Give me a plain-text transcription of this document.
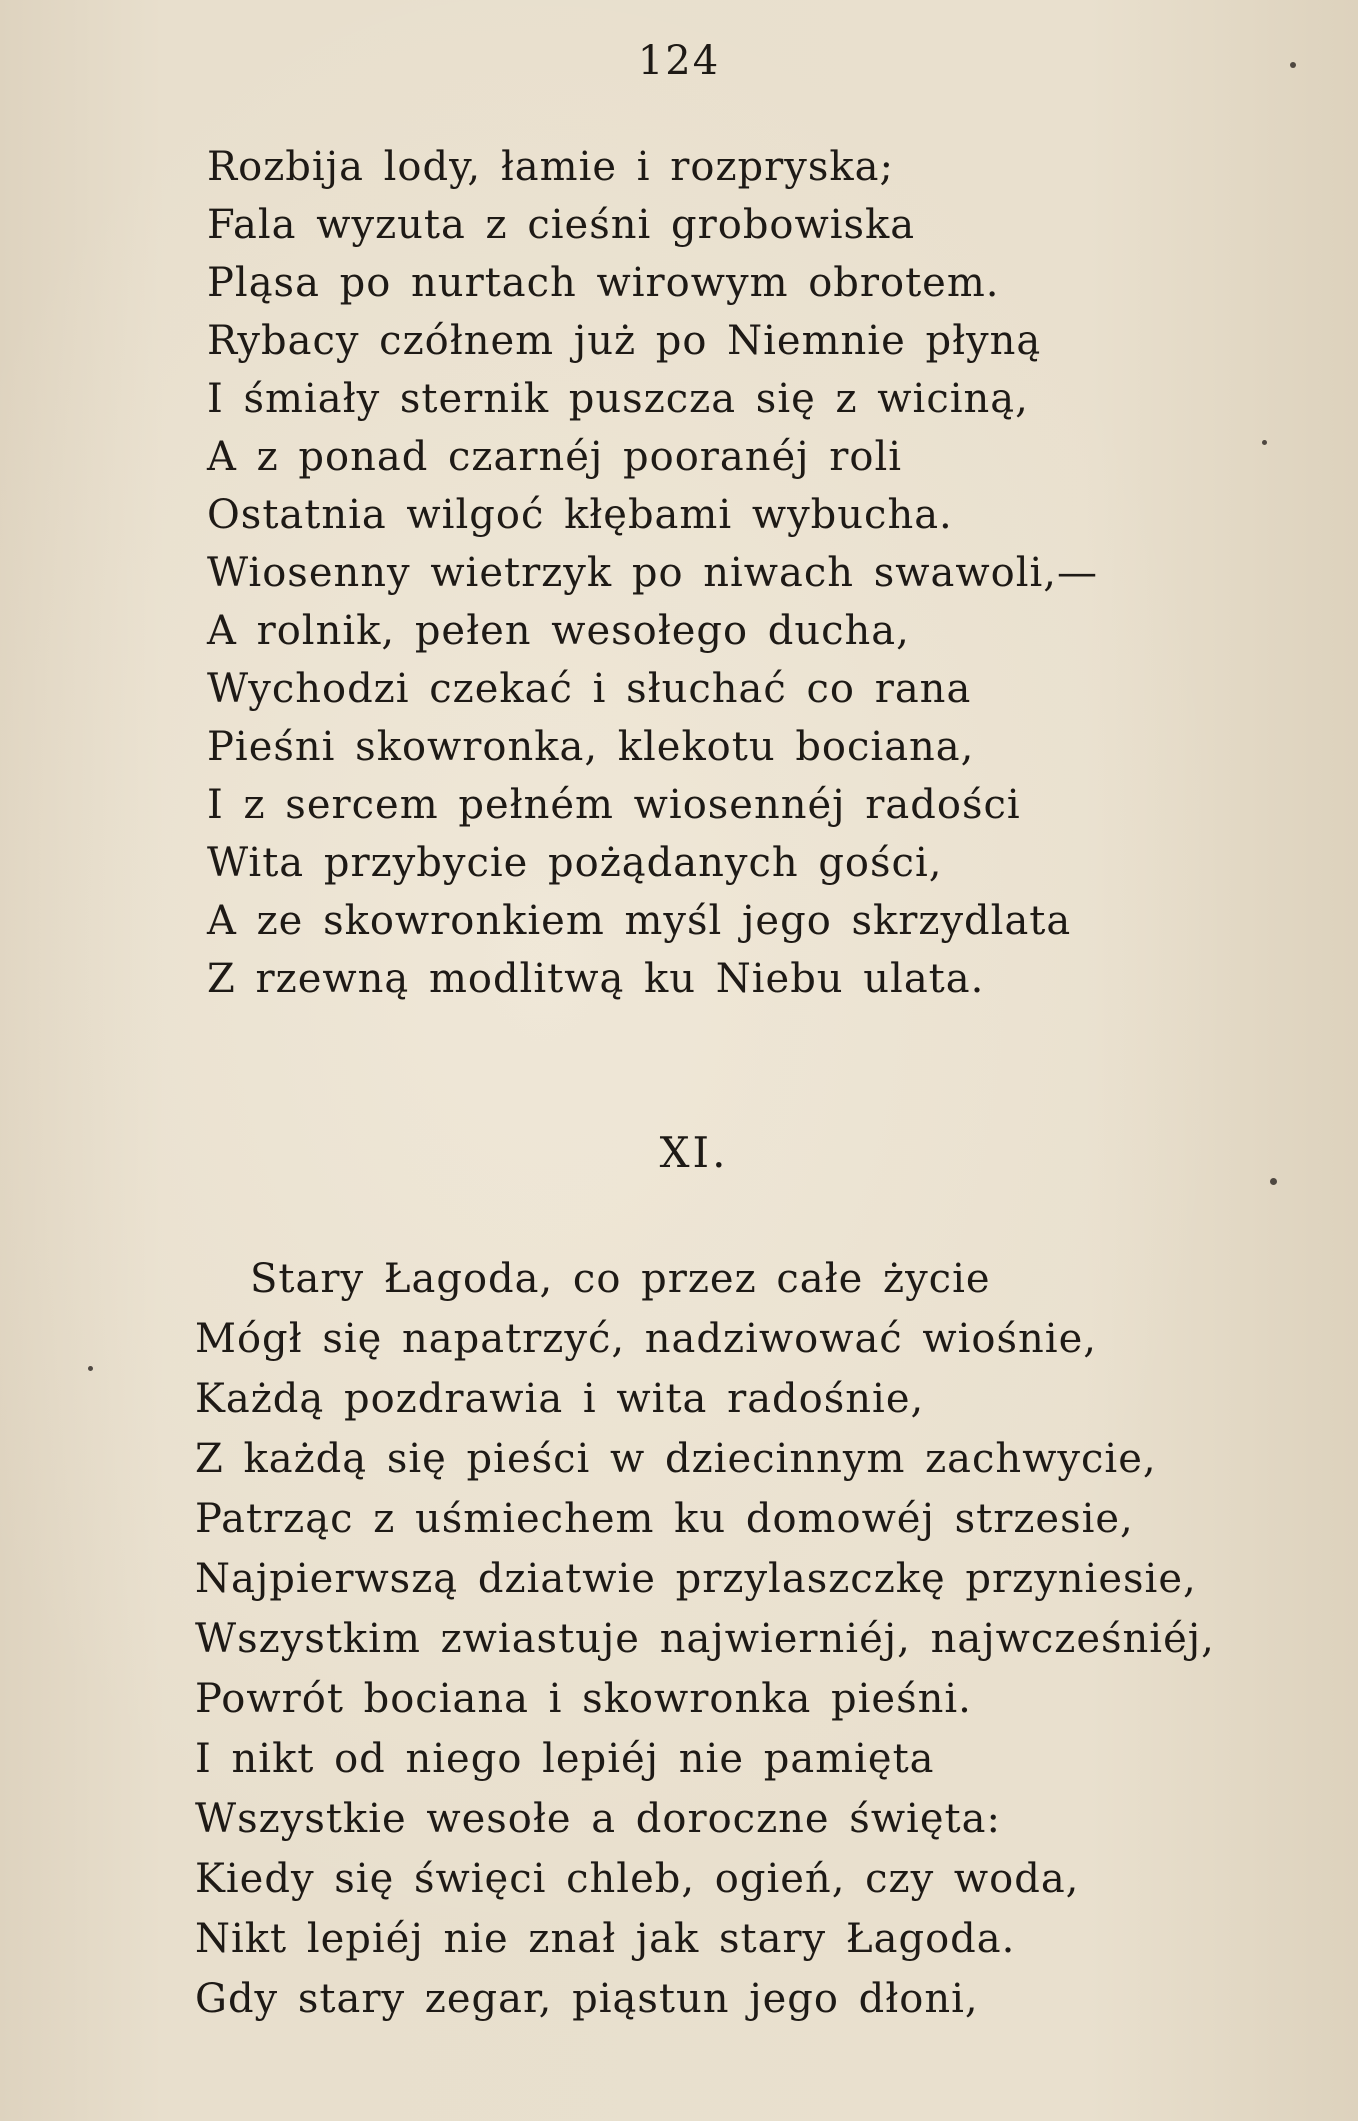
124
Rozbija lody, łamie i rozpryska;
Fala wyzuta z cieśni grobowiska
Pląsa po nurtach wirowym obrotem.
Rybacy czółnem już po Niemnie płyną
I śmiały sternik puszcza się z wiciną,
A z ponad czarnéj pooranéj roli
Ostatnia wilgoć kłębami wybucha.
Wiosenny wietrzyk po niwach swawoli,—
A rolnik, pełen wesołego ducha,
Wychodzi czekać i słuchać co rana
Pieśni skowronka, klekotu bociana,
I z sercem pełném wiosennéj radości
Wita przybycie pożądanych gości,
A ze skowronkiem myśl jego skrzydlata
Z rzewną modlitwą ku Niebu ulata.
XI.
Stary Łagoda, co przez całe życie
Mógł się napatrzyć, nadziwować wiośnie,
Każdą pozdrawia i wita radośnie,
Z każdą się pieści w dziecinnym zachwycie,
Patrząc z uśmiechem ku domowéj strzesie,
Najpierwszą dziatwie przylaszczkę przyniesie,
Wszystkim zwiastuje najwierniéj, najwcześniéj,
Powrót bociana i skowronka pieśni.
I nikt od niego lepiéj nie pamięta
Wszystkie wesołe a doroczne święta:
Kiedy się święci chleb, ogień, czy woda,
Nikt lepiéj nie znał jak stary Łagoda.
Gdy stary zegar, piąstun jego dłoni,
